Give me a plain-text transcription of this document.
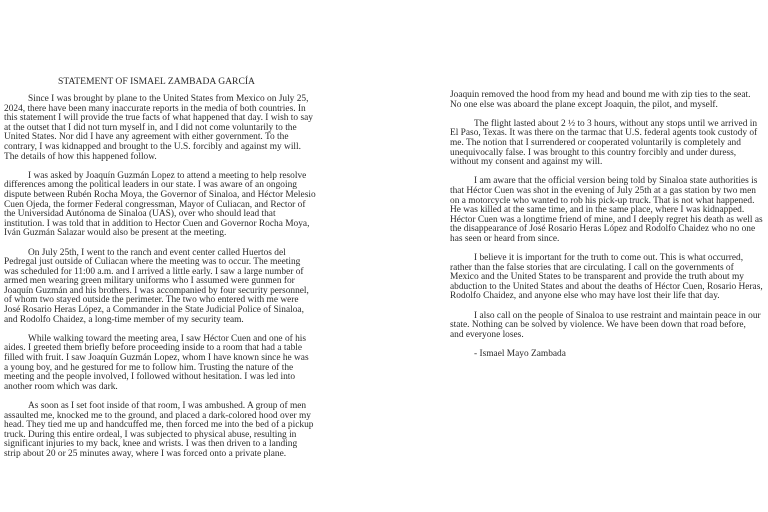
STATEMENT OF ISMAEL ZAMBADA GARCÍA
Since I was brought by plane to the United States from Mexico on July 25,
2024, there have been many inaccurate reports in the media of both countries. In
this statement I will provide the true facts of what happened that day. I wish to say
at the outset that I did not turn myself in, and I did not come voluntarily to the
United States. Nor did I have any agreement with either government. To the
contrary, I was kidnapped and brought to the U.S. forcibly and against my will.
The details of how this happened follow.
I was asked by Joaquín Guzmán Lopez to attend a meeting to help resolve
differences among the political leaders in our state. I was aware of an ongoing
dispute between Rubén Rocha Moya, the Governor of Sinaloa, and Héctor Melesio
Cuen Ojeda, the former Federal congressman, Mayor of Culiacan, and Rector of
the Universidad Autónoma de Sinaloa (UAS), over who should lead that
institution. I was told that in addition to Hector Cuen and Governor Rocha Moya,
Iván Guzmán Salazar would also be present at the meeting.
On July 25th, I went to the ranch and event center called Huertos del
Pedregal just outside of Culiacan where the meeting was to occur. The meeting
was scheduled for 11:00 a.m. and I arrived a little early. I saw a large number of
armed men wearing green military uniforms who I assumed were gunmen for
Joaquín Guzmán and his brothers. I was accompanied by four security personnel,
of whom two stayed outside the perimeter. The two who entered with me were
José Rosario Heras López, a Commander in the State Judicial Police of Sinaloa,
and Rodolfo Chaidez, a long-time member of my security team.
While walking toward the meeting area, I saw Héctor Cuen and one of his
aides. I greeted them briefly before proceeding inside to a room that had a table
filled with fruit. I saw Joaquín Guzmán Lopez, whom I have known since he was
a young boy, and he gestured for me to follow him. Trusting the nature of the
meeting and the people involved, I followed without hesitation. I was led into
another room which was dark.
As soon as I set foot inside of that room, I was ambushed. A group of men
assaulted me, knocked me to the ground, and placed a dark-colored hood over my
head. They tied me up and handcuffed me, then forced me into the bed of a pickup
truck. During this entire ordeal, I was subjected to physical abuse, resulting in
significant injuries to my back, knee and wrists. I was then driven to a landing
strip about 20 or 25 minutes away, where I was forced onto a private plane.
Joaquin removed the hood from my head and bound me with zip ties to the seat.
No one else was aboard the plane except Joaquin, the pilot, and myself.
The flight lasted about 2 ½ to 3 hours, without any stops until we arrived in
El Paso, Texas. It was there on the tarmac that U.S. federal agents took custody of
me. The notion that I surrendered or cooperated voluntarily is completely and
unequivocally false. I was brought to this country forcibly and under duress,
without my consent and against my will.
I am aware that the official version being told by Sinaloa state authorities is
that Héctor Cuen was shot in the evening of July 25th at a gas station by two men
on a motorcycle who wanted to rob his pick-up truck. That is not what happened.
He was killed at the same time, and in the same place, where I was kidnapped.
Héctor Cuen was a longtime friend of mine, and I deeply regret his death as well as
the disappearance of José Rosario Heras López and Rodolfo Chaidez who no one
has seen or heard from since.
I believe it is important for the truth to come out. This is what occurred,
rather than the false stories that are circulating. I call on the governments of
Mexico and the United States to be transparent and provide the truth about my
abduction to the United States and about the deaths of Héctor Cuen, Rosario Heras,
Rodolfo Chaidez, and anyone else who may have lost their life that day.
I also call on the people of Sinaloa to use restraint and maintain peace in our
state. Nothing can be solved by violence. We have been down that road before,
and everyone loses.
- Ismael Mayo Zambada
